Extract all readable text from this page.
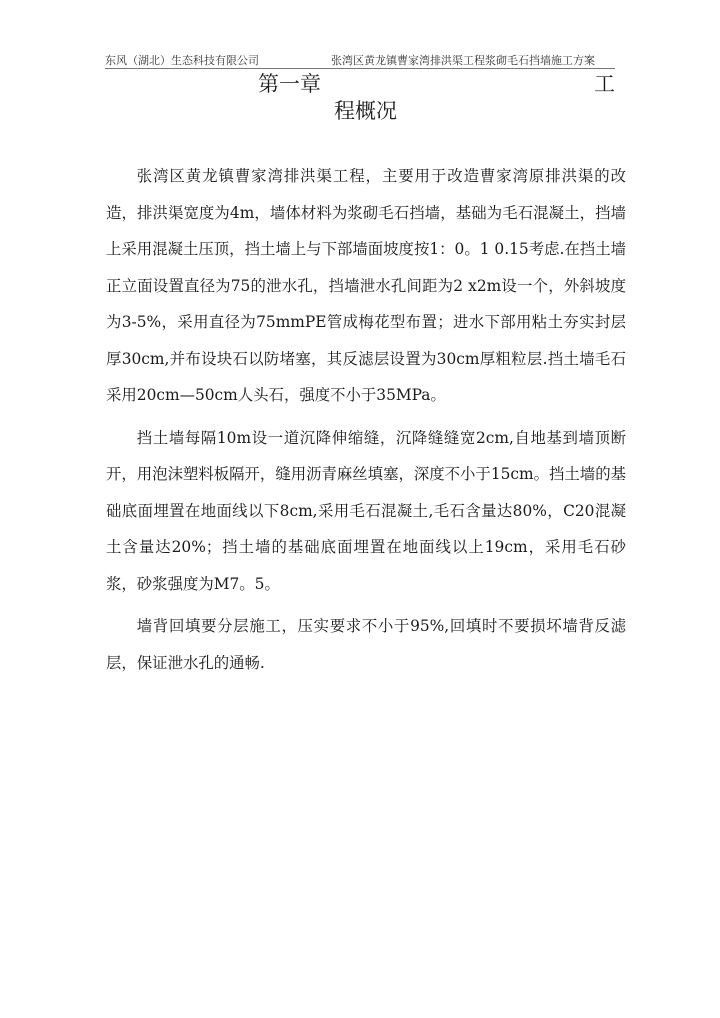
东风（湖北）生态科技有限公司	张湾区黄龙镇曹家湾排洪渠工程浆砌毛石挡墙施工方案
第一章	工
程概况

张湾区黄龙镇曹家湾排洪渠工程，主要用于改造曹家湾原排洪渠的改造，排洪渠宽度为4m，墙体材料为浆砌毛石挡墙，基础为毛石混凝土，挡墙上采用混凝土压顶，挡土墙上与下部墙面坡度按1：0。1 0.15考虑.在挡土墙正立面设置直径为75的泄水孔，挡墙泄水孔间距为2 x2m设一个，外斜坡度为3-5%，采用直径为75mmPE管成梅花型布置；进水下部用粘土夯实封层厚30cm,并布设块石以防堵塞，其反滤层设置为30cm厚粗粒层.挡土墙毛石采用20cm—50cm人头石，强度不小于35MPa。

挡土墙每隔10m设一道沉降伸缩缝，沉降缝缝宽2cm,自地基到墙顶断开，用泡沫塑料板隔开，缝用沥青麻丝填塞，深度不小于15cm。挡土墙的基础底面埋置在地面线以下8cm,采用毛石混凝土,毛石含量达80%，C20混凝土含量达20%；挡土墙的基础底面埋置在地面线以上19cm，采用毛石砂浆，砂浆强度为M7。5。

墙背回填要分层施工，压实要求不小于95%,回填时不要损坏墙背反滤层，保证泄水孔的通畅.
